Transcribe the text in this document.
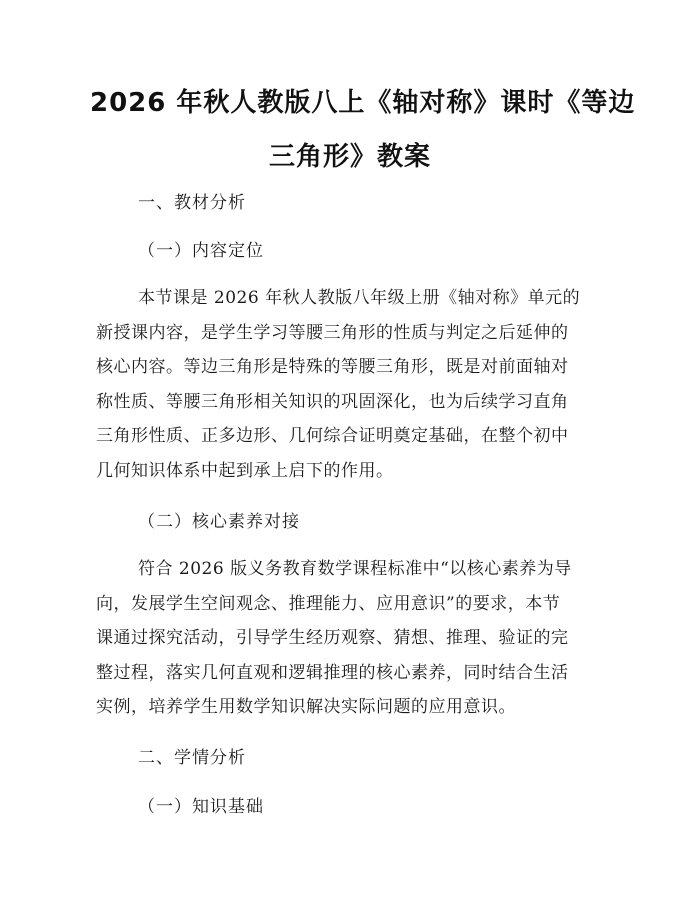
2026 年秋人教版八上《轴对称》课时《等边
三角形》教案
一、教材分析
（一）内容定位
本节课是 2026 年秋人教版八年级上册《轴对称》单元的
新授课内容，是学生学习等腰三角形的性质与判定之后延伸的
核心内容。等边三角形是特殊的等腰三角形，既是对前面轴对
称性质、等腰三角形相关知识的巩固深化，也为后续学习直角
三角形性质、正多边形、几何综合证明奠定基础，在整个初中
几何知识体系中起到承上启下的作用。
（二）核心素养对接
符合 2026 版义务教育数学课程标准中“以核心素养为导
向，发展学生空间观念、推理能力、应用意识”的要求，本节
课通过探究活动，引导学生经历观察、猜想、推理、验证的完
整过程，落实几何直观和逻辑推理的核心素养，同时结合生活
实例，培养学生用数学知识解决实际问题的应用意识。
二、学情分析
（一）知识基础
